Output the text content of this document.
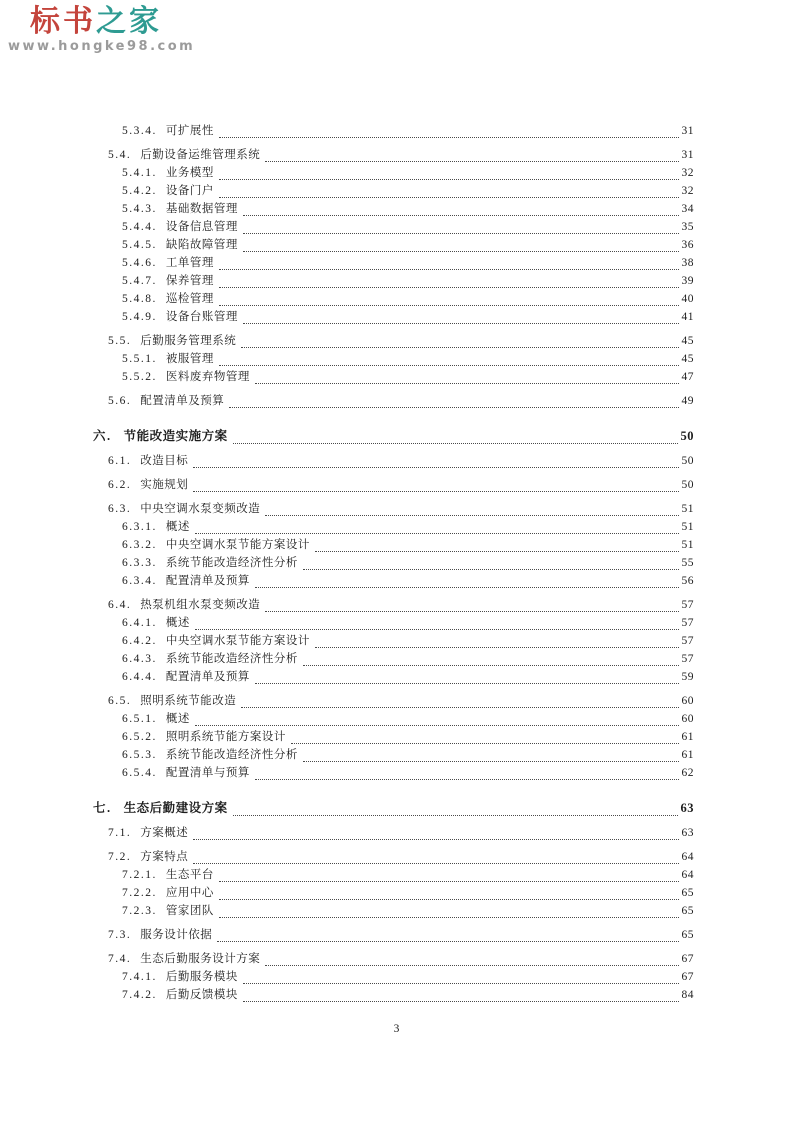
标书之家
www.hongke98.com
5.3.4. 可扩展性	31
5.4. 后勤设备运维管理系统	31
5.4.1. 业务模型	32
5.4.2. 设备门户	32
5.4.3. 基础数据管理	34
5.4.4. 设备信息管理	35
5.4.5. 缺陷故障管理	36
5.4.6. 工单管理	38
5.4.7. 保养管理	39
5.4.8. 巡检管理	40
5.4.9. 设备台账管理	41
5.5. 后勤服务管理系统	45
5.5.1. 被服管理	45
5.5.2. 医料废弃物管理	47
5.6. 配置清单及预算	49
六. 节能改造实施方案	50
6.1. 改造目标	50
6.2. 实施规划	50
6.3. 中央空调水泵变频改造	51
6.3.1. 概述	51
6.3.2. 中央空调水泵节能方案设计	51
6.3.3. 系统节能改造经济性分析	55
6.3.4. 配置清单及预算	56
6.4. 热泵机组水泵变频改造	57
6.4.1. 概述	57
6.4.2. 中央空调水泵节能方案设计	57
6.4.3. 系统节能改造经济性分析	57
6.4.4. 配置清单及预算	59
6.5. 照明系统节能改造	60
6.5.1. 概述	60
6.5.2. 照明系统节能方案设计	61
6.5.3. 系统节能改造经济性分析	61
6.5.4. 配置清单与预算	62
七. 生态后勤建设方案	63
7.1. 方案概述	63
7.2. 方案特点	64
7.2.1. 生态平台	64
7.2.2. 应用中心	65
7.2.3. 管家团队	65
7.3. 服务设计依据	65
7.4. 生态后勤服务设计方案	67
7.4.1. 后勤服务模块	67
7.4.2. 后勤反馈模块	84
3
